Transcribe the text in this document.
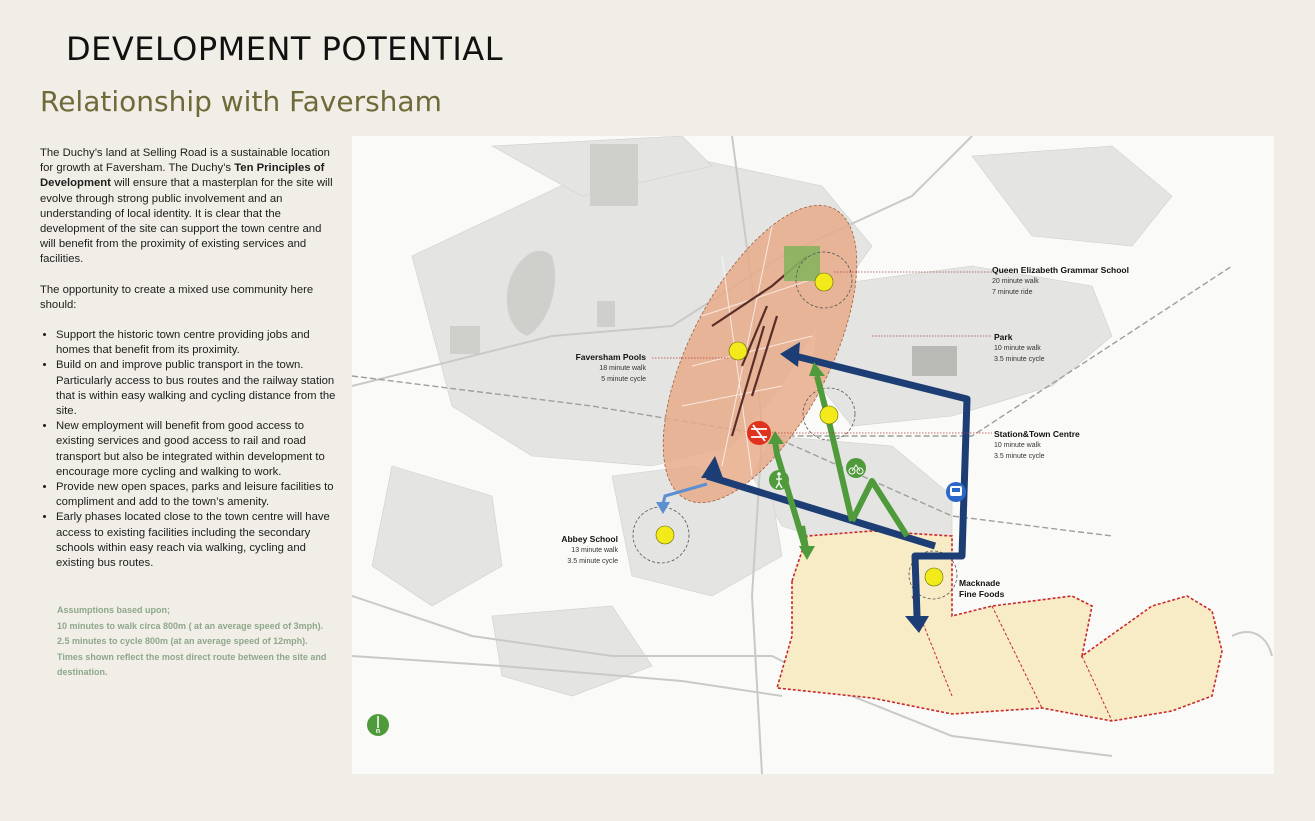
DEVELOPMENT POTENTIAL
Relationship with Faversham

The Duchy’s land at Selling Road is a sustainable location for growth at Faversham. The Duchy’s Ten Principles of Development will ensure that a masterplan for the site will evolve through strong public involvement and an understanding of local identity. It is clear that the development of the site can support the town centre and will benefit from the proximity of existing services and facilities.

The opportunity to create a mixed use community here should:

• Support the historic town centre providing jobs and homes that benefit from its proximity.
• Build on and improve public transport in the town. Particularly access to bus routes and the railway station that is within easy walking and cycling distance from the site.
• New employment will benefit from good access to existing services and good access to rail and road transport but also be integrated within development to encourage more cycling and walking to work.
• Provide new open spaces, parks and leisure facilities to compliment and add to the town’s amenity.
• Early phases located close to the town centre will have access to existing facilities including the secondary schools within easy reach via walking, cycling and existing bus routes.
Assumptions based upon;
10 minutes to walk circa 800m ( at an average speed of 3mph).
2.5 minutes to cycle 800m (at an average speed of 12mph).
Times shown reflect the most direct route between the site and destination.
Queen Elizabeth Grammar School
20 minute walk
7 minute ride
Park
10 minute walk
3.5 minute cycle
Faversham Pools
18 minute walk
5 minute cycle
Station&Town Centre
10 minute walk
3.5 minute cycle
Abbey School
13 minute walk
3.5 minute cycle
Macknade
Fine Foods
n
